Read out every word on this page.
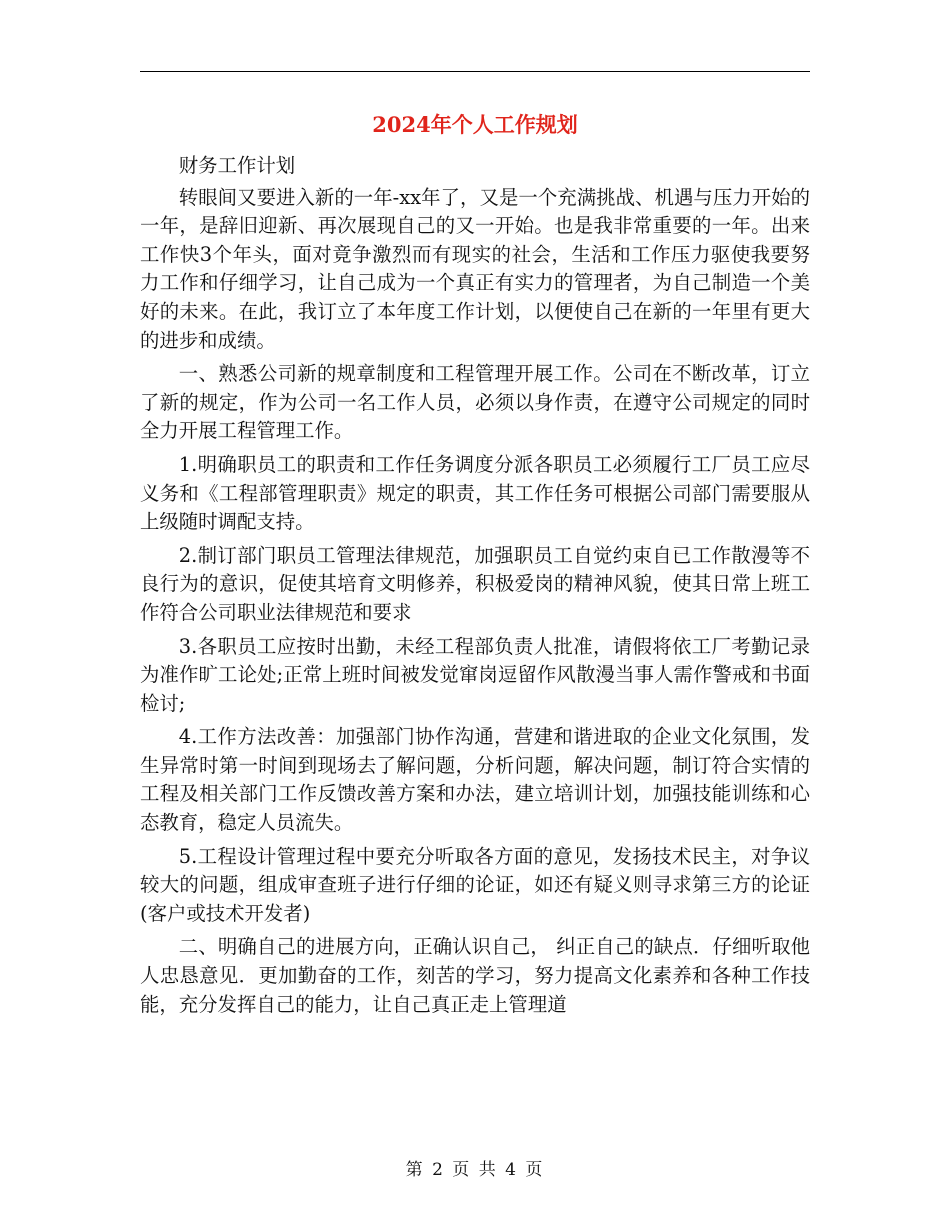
2024年个人工作规划

财务工作计划

转眼间又要进入新的一年-xx年了，又是一个充满挑战、机遇与压力开始的一年，是辞旧迎新、再次展现自己的又一开始。也是我非常重要的一年。出来工作快3个年头，面对竟争激烈而有现实的社会，生活和工作压力驱使我要努力工作和仔细学习，让自己成为一个真正有实力的管理者，为自己制造一个美好的未来。在此，我订立了本年度工作计划，以便使自己在新的一年里有更大的进步和成绩。

一、熟悉公司新的规章制度和工程管理开展工作。公司在不断改革，订立了新的规定，作为公司一名工作人员，必须以身作责，在遵守公司规定的同时全力开展工程管理工作。

1.明确职员工的职责和工作任务调度分派各职员工必须履行工厂员工应尽义务和《工程部管理职责》规定的职责，其工作任务可根据公司部门需要服从上级随时调配支持。

2.制订部门职员工管理法律规范，加强职员工自觉约束自已工作散漫等不良行为的意识，促使其培育文明修养，积极爱岗的精神风貌，使其日常上班工作符合公司职业法律规范和要求

3.各职员工应按时出勤，未经工程部负责人批准，请假将依工厂考勤记录为准作旷工论处;正常上班时间被发觉窜岗逗留作风散漫当事人需作警戒和书面检讨;

4.工作方法改善：加强部门协作沟通，营建和谐进取的企业文化氛围，发生异常时第一时间到现场去了解问题，分析问题，解决问题，制订符合实情的工程及相关部门工作反馈改善方案和办法，建立培训计划，加强技能训练和心态教育，稳定人员流失。

5.工程设计管理过程中要充分听取各方面的意见，发扬技术民主，对争议较大的问题，组成审查班子进行仔细的论证，如还有疑义则寻求第三方的论证(客户或技术开发者)

二、明确自己的进展方向，正确认识自己， 纠正自己的缺点．仔细听取他人忠恳意见．更加勤奋的工作，刻苦的学习，努力提高文化素养和各种工作技能，充分发挥自己的能力，让自己真正走上管理道

第 2 页 共 4 页
